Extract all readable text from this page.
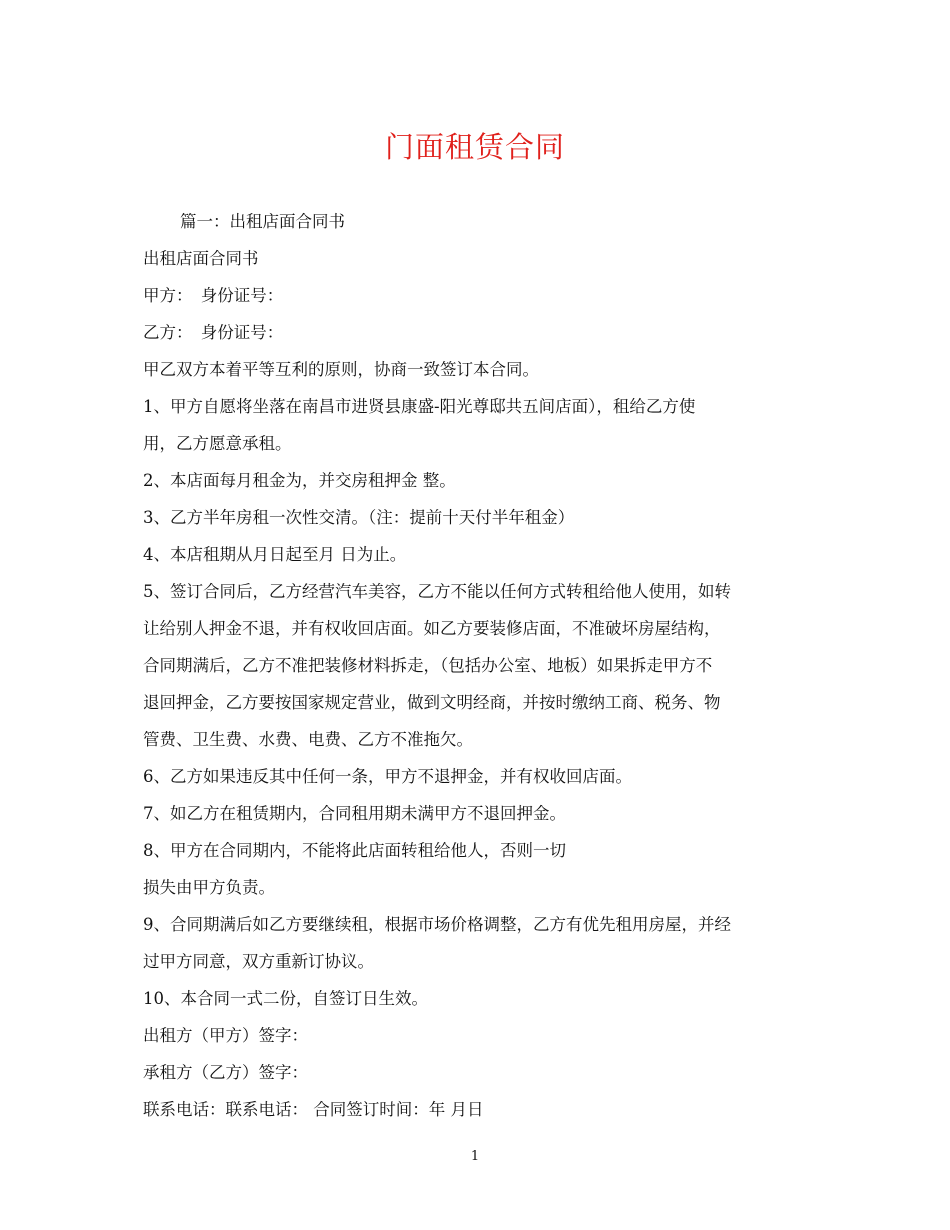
门面租赁合同
篇一：出租店面合同书
出租店面合同书
甲方：　身份证号：
乙方：　身份证号：
甲乙双方本着平等互利的原则，协商一致签订本合同。
1、甲方自愿将坐落在南昌市进贤县康盛-阳光尊邸共五间店面），租给乙方使
用，乙方愿意承租。
2、本店面每月租金为，并交房租押金 整。
3、乙方半年房租一次性交清。（注：提前十天付半年租金）
4、本店租期从月日起至月 日为止。
5、签订合同后，乙方经营汽车美容，乙方不能以任何方式转租给他人使用，如转
让给别人押金不退，并有权收回店面。如乙方要装修店面，不准破坏房屋结构，
合同期满后，乙方不准把装修材料拆走，（包括办公室、地板）如果拆走甲方不
退回押金，乙方要按国家规定营业，做到文明经商，并按时缴纳工商、税务、物
管费、卫生费、水费、电费、乙方不准拖欠。
6、乙方如果违反其中任何一条，甲方不退押金，并有权收回店面。
7、如乙方在租赁期内，合同租用期未满甲方不退回押金。
8、甲方在合同期内，不能将此店面转租给他人，否则一切
损失由甲方负责。
9、合同期满后如乙方要继续租，根据市场价格调整，乙方有优先租用房屋，并经
过甲方同意，双方重新订协议。
10、本合同一式二份，自签订日生效。
出租方（甲方）签字：
承租方（乙方）签字：
联系电话：联系电话： 合同签订时间：年 月日
1
